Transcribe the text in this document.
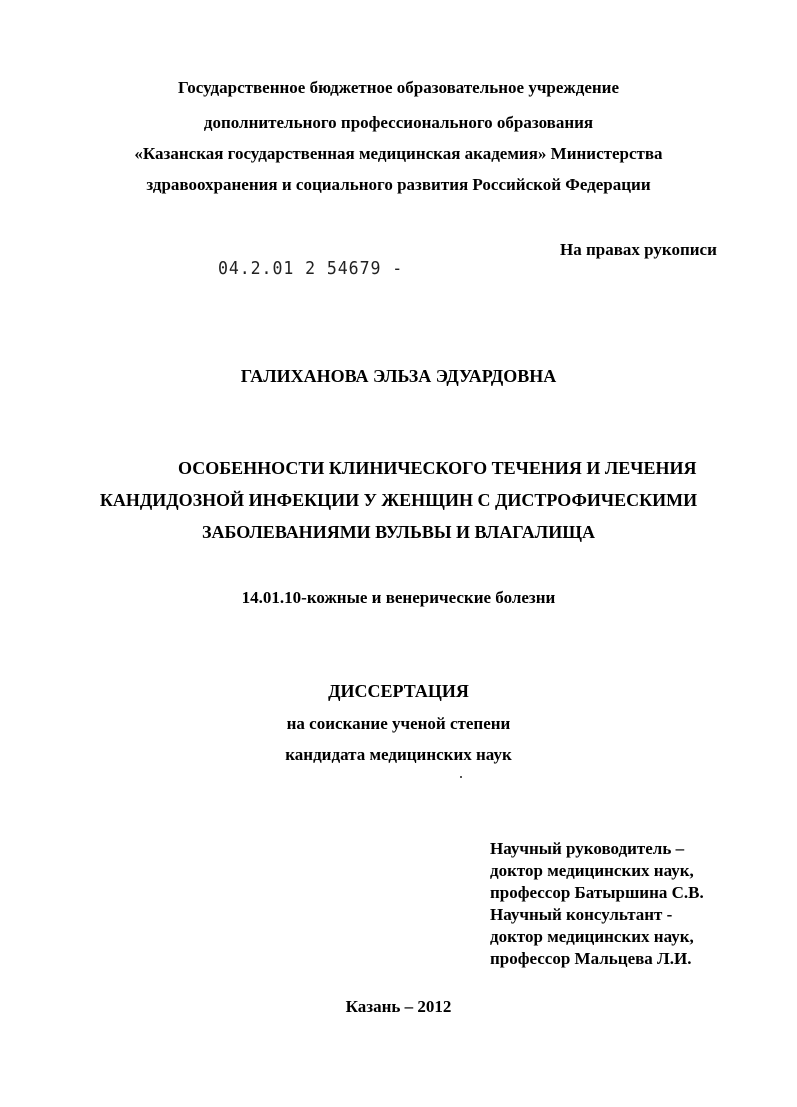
Государственное бюджетное образовательное учреждение
дополнительного профессионального образования
«Казанская государственная медицинская академия» Министерства
здравоохранения и социального развития Российской Федерации
На правах рукописи
04.2.01 2 54679 -
ГАЛИХАНОВА ЭЛЬЗА ЭДУАРДОВНА
ОСОБЕННОСТИ КЛИНИЧЕСКОГО ТЕЧЕНИЯ И ЛЕЧЕНИЯ
КАНДИДОЗНОЙ ИНФЕКЦИИ У ЖЕНЩИН С ДИСТРОФИЧЕСКИМИ
ЗАБОЛЕВАНИЯМИ ВУЛЬВЫ И ВЛАГАЛИЩА
14.01.10-кожные и венерические болезни
ДИССЕРТАЦИЯ
на соискание ученой степени
кандидата медицинских наук
Научный руководитель –
доктор медицинских наук,
профессор Батыршина С.В.
Научный консультант -
доктор медицинских наук,
профессор Мальцева Л.И.
Казань – 2012
